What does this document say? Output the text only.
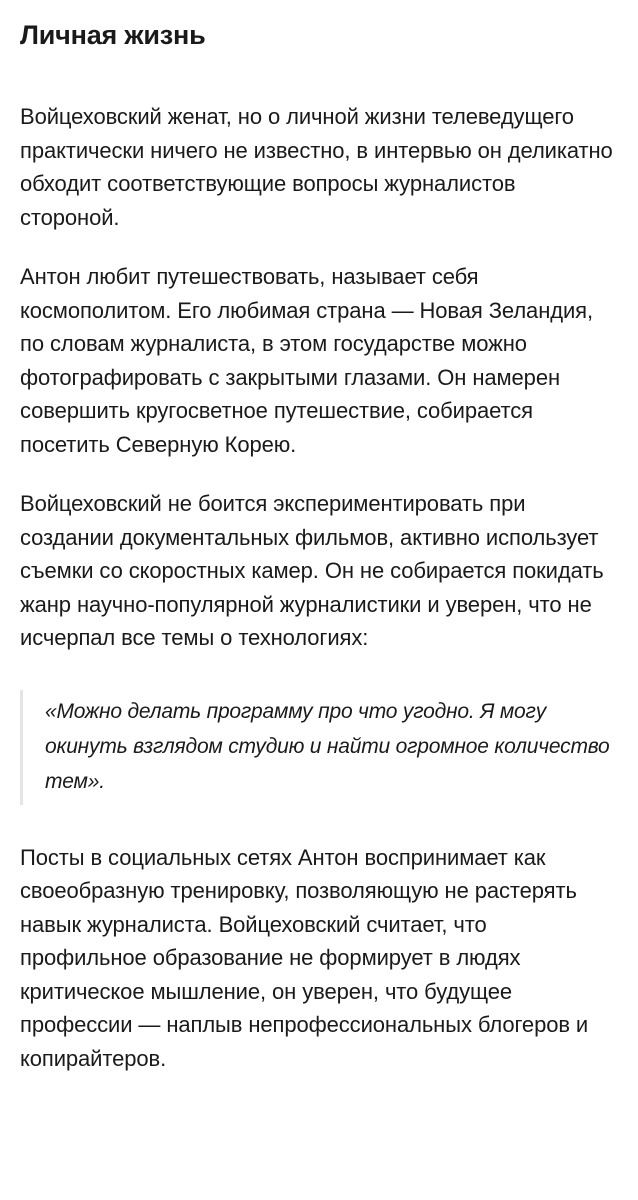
Личная жизнь

Войцеховский женат, но о личной жизни телеведущего практически ничего не известно, в интервью он деликатно обходит соответствующие вопросы журналистов стороной.

Антон любит путешествовать, называет себя космополитом. Его любимая страна — Новая Зеландия, по словам журналиста, в этом государстве можно фотографировать с закрытыми глазами. Он намерен совершить кругосветное путешествие, собирается посетить Северную Корею.

Войцеховский не боится экспериментировать при создании документальных фильмов, активно использует съемки со скоростных камер. Он не собирается покидать жанр научно-популярной журналистики и уверен, что не исчерпал все темы о технологиях:

«Можно делать программу про что угодно. Я могу окинуть взглядом студию и найти огромное количество тем».

Посты в социальных сетях Антон воспринимает как своеобразную тренировку, позволяющую не растерять навык журналиста. Войцеховский считает, что профильное образование не формирует в людях критическое мышление, он уверен, что будущее профессии — наплыв непрофессиональных блогеров и копирайтеров.
